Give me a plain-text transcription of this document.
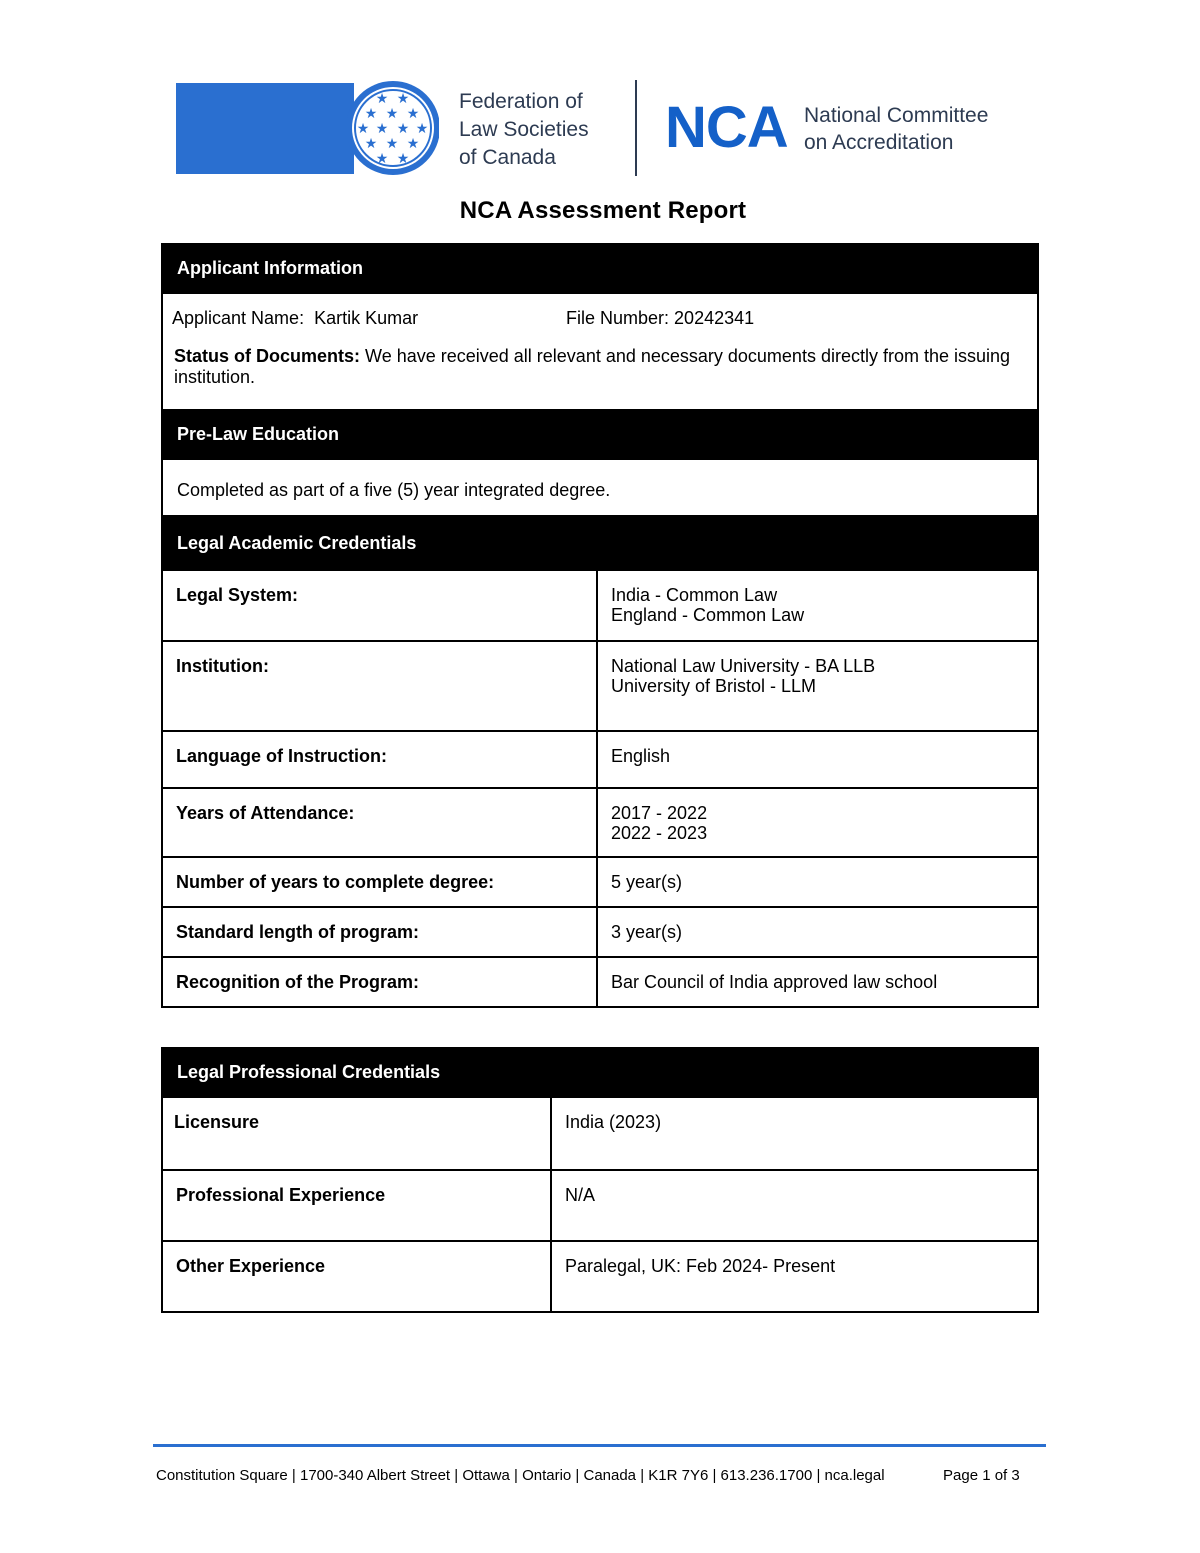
★ ★
★ ★ ★
★ ★ ★ ★
★ ★ ★
★ ★
Federation of
Law Societies
of Canada	NCA National Committee
on Accreditation
NCA Assessment Report
Applicant Information
Applicant Name: Kartik Kumar	File Number: 20242341
Status of Documents: We have received all relevant and necessary documents directly from the issuing institution.
Pre-Law Education
Completed as part of a five (5) year integrated degree.
Legal Academic Credentials
Legal System:	India - Common Law
England - Common Law
Institution:	National Law University - BA LLB
University of Bristol - LLM
Language of Instruction:	English
Years of Attendance:	2017 - 2022
2022 - 2023
Number of years to complete degree:	5 year(s)
Standard length of program:	3 year(s)
Recognition of the Program:	Bar Council of India approved law school
Legal Professional Credentials
Licensure	India (2023)
Professional Experience	N/A
Other Experience	Paralegal, UK: Feb 2024- Present
Constitution Square | 1700-340 Albert Street | Ottawa | Ontario | Canada | K1R 7Y6 | 613.236.1700 | nca.legal	Page 1 of 3
